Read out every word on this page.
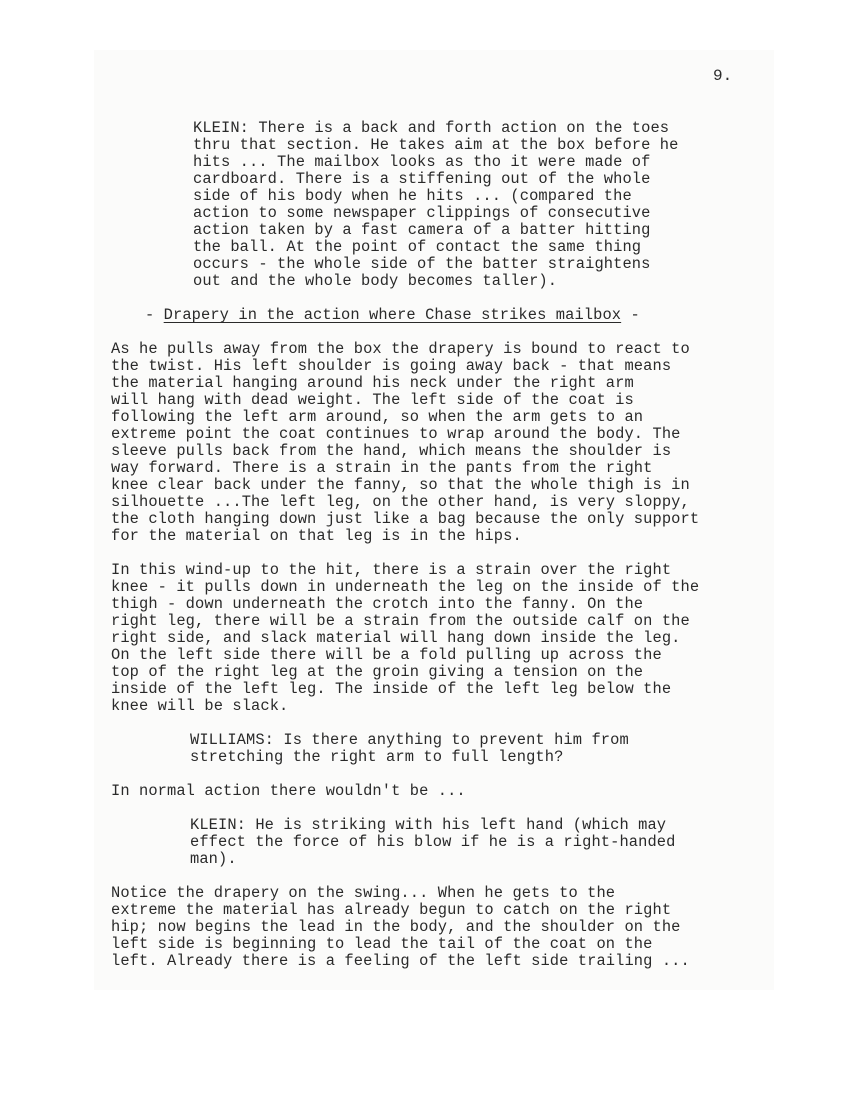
9.
KLEIN: There is a back and forth action on the toes
thru that section. He takes aim at the box before he
hits ... The mailbox looks as tho it were made of
cardboard. There is a stiffening out of the whole
side of his body when he hits ... (compared the
action to some newspaper clippings of consecutive
action taken by a fast camera of a batter hitting
the ball. At the point of contact the same thing
occurs - the whole side of the batter straightens
out and the whole body becomes taller).
- Drapery in the action where Chase strikes mailbox -
As he pulls away from the box the drapery is bound to react to
the twist. His left shoulder is going away back - that means
the material hanging around his neck under the right arm
will hang with dead weight. The left side of the coat is
following the left arm around, so when the arm gets to an
extreme point the coat continues to wrap around the body. The
sleeve pulls back from the hand, which means the shoulder is
way forward. There is a strain in the pants from the right
knee clear back under the fanny, so that the whole thigh is in
silhouette ...The left leg, on the other hand, is very sloppy,
the cloth hanging down just like a bag because the only support
for the material on that leg is in the hips.
In this wind-up to the hit, there is a strain over the right
knee - it pulls down in underneath the leg on the inside of the
thigh - down underneath the crotch into the fanny. On the
right leg, there will be a strain from the outside calf on the
right side, and slack material will hang down inside the leg.
On the left side there will be a fold pulling up across the
top of the right leg at the groin giving a tension on the
inside of the left leg. The inside of the left leg below the
knee will be slack.
WILLIAMS: Is there anything to prevent him from
stretching the right arm to full length?
In normal action there wouldn't be ...
KLEIN: He is striking with his left hand (which may
effect the force of his blow if he is a right-handed
man).
Notice the drapery on the swing... When he gets to the
extreme the material has already begun to catch on the right
hip; now begins the lead in the body, and the shoulder on the
left side is beginning to lead the tail of the coat on the
left. Already there is a feeling of the left side trailing ...
